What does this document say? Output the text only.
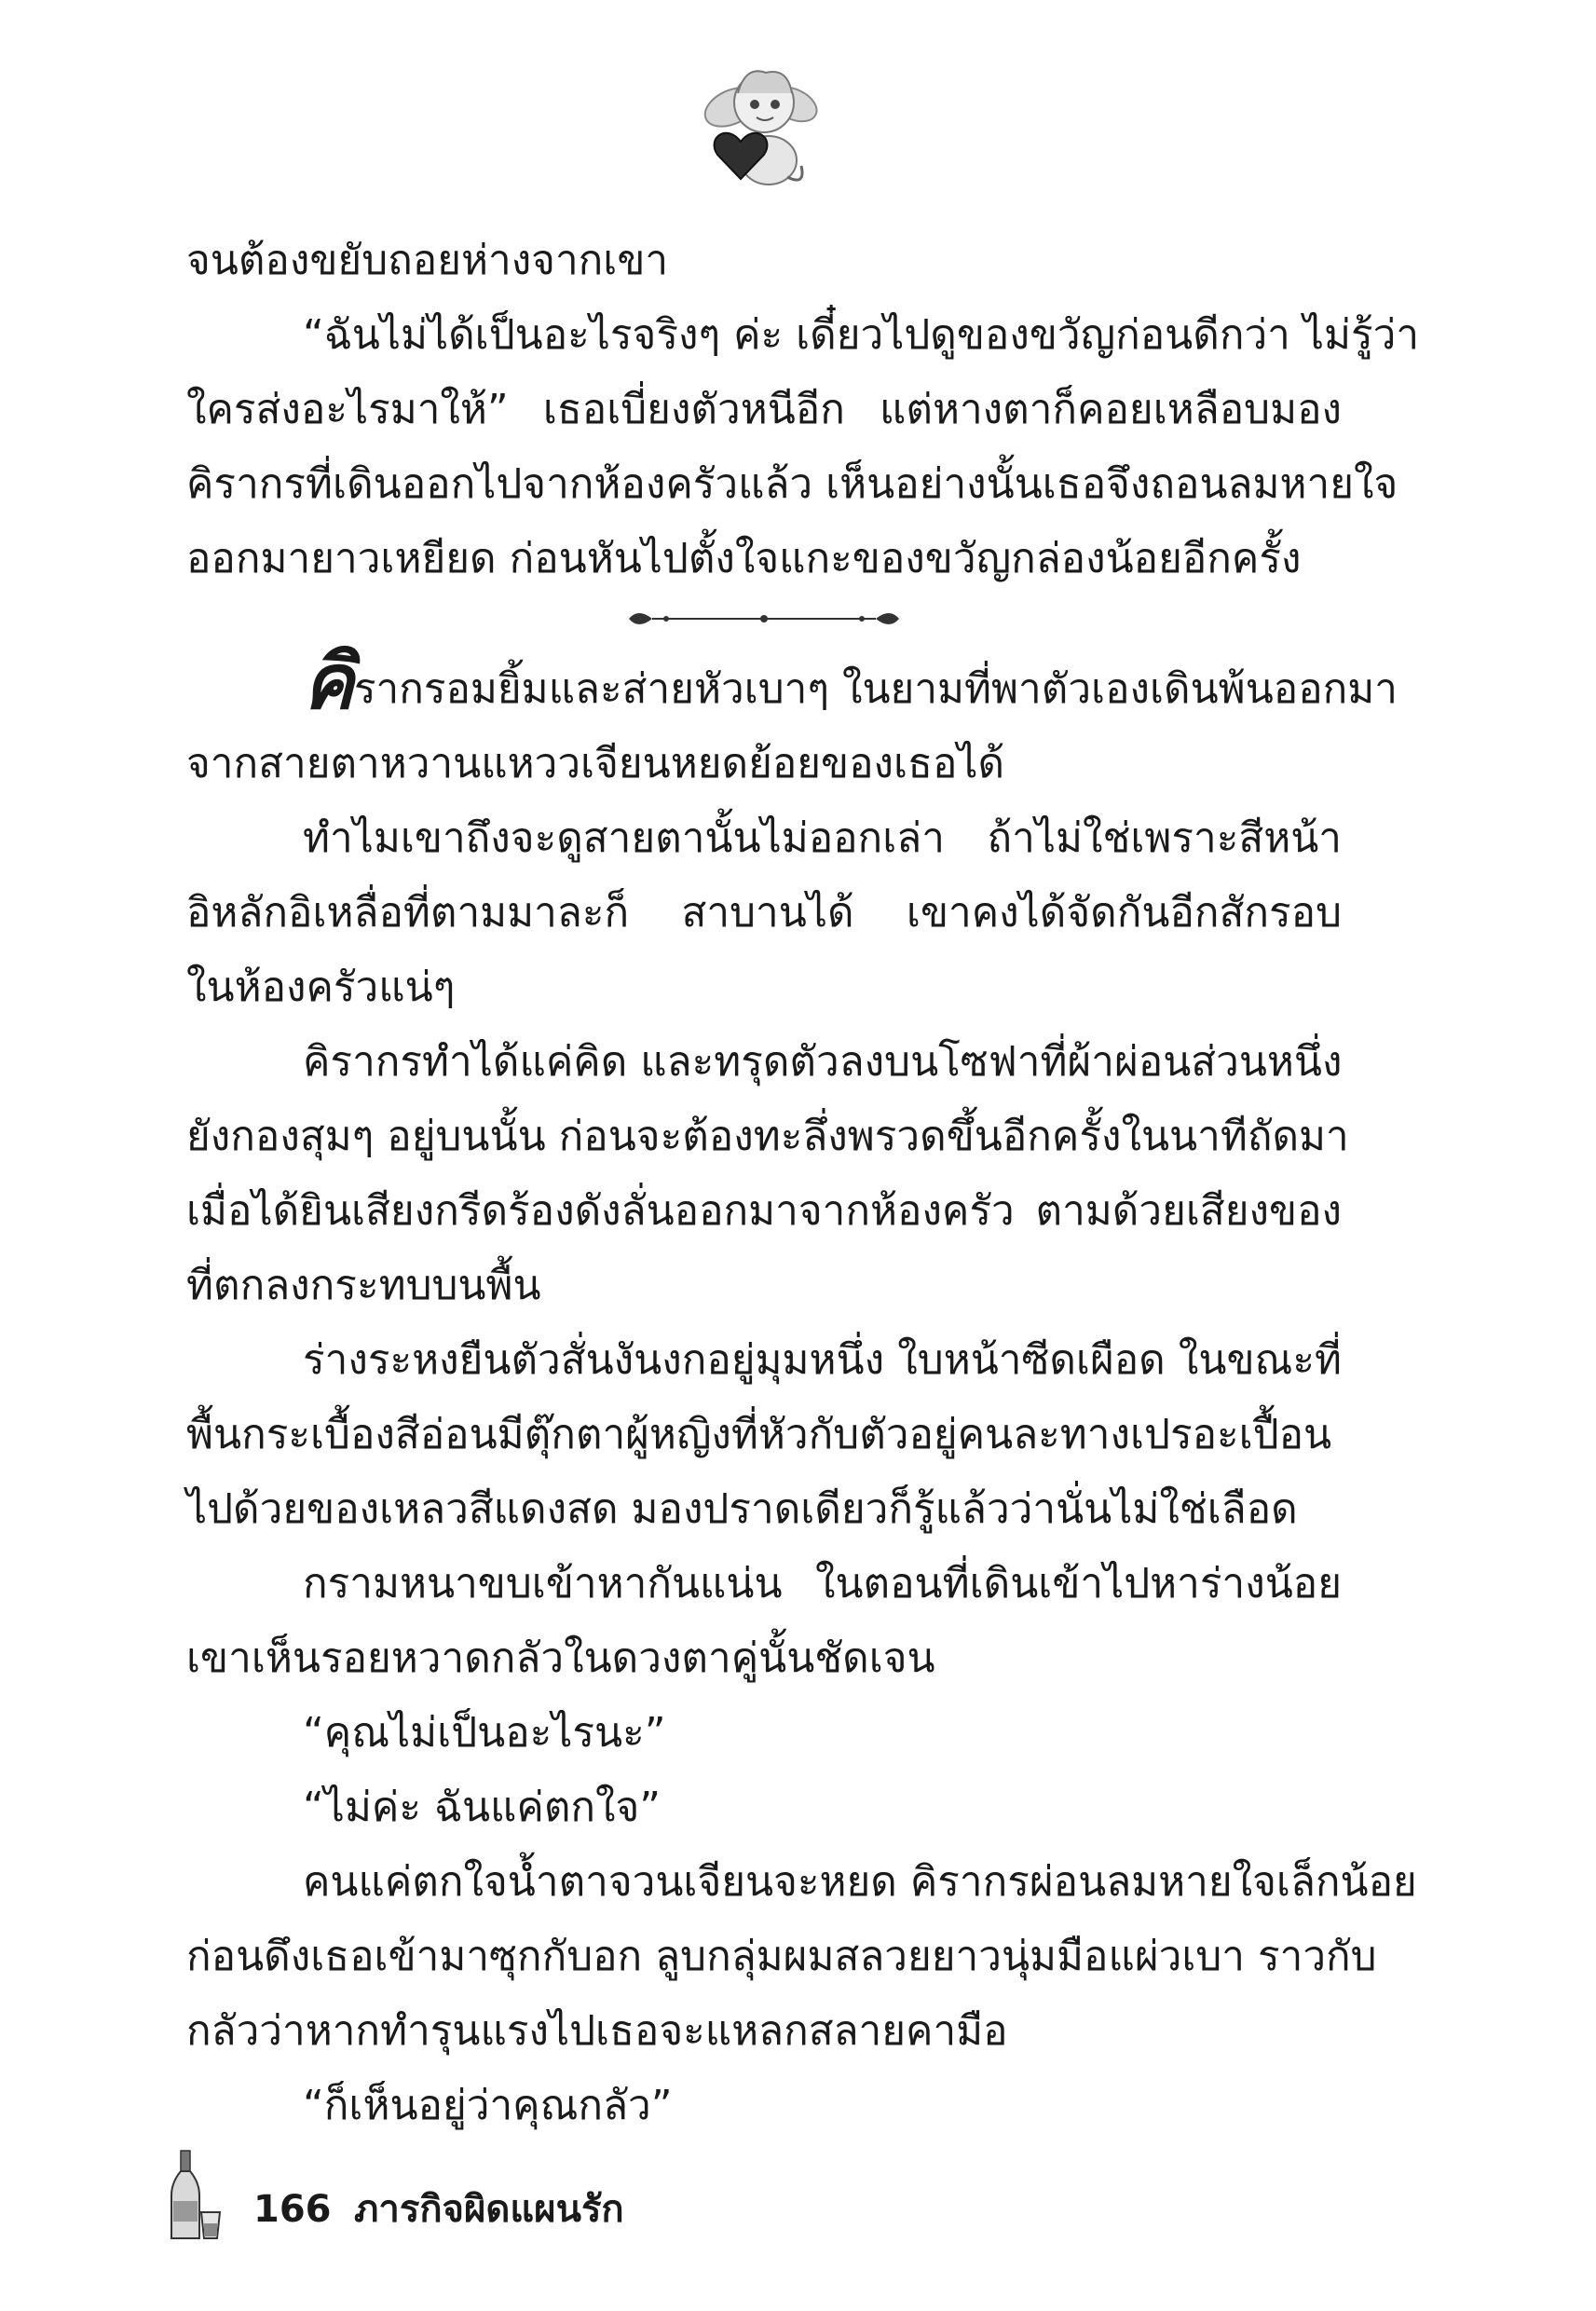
จนต้องขยับถอยห่างจากเขา
“ฉันไม่ได้เป็นอะไรจริงๆ ค่ะ เดี๋ยวไปดูของขวัญก่อนดีกว่า ไม่รู้ว่า
ใครส่งอะไรมาให้” เธอเบี่ยงตัวหนีอีก แต่หางตาก็คอยเหลือบมอง
คิรากรที่เดินออกไปจากห้องครัวแล้ว เห็นอย่างนั้นเธอจึงถอนลมหายใจ
ออกมายาวเหยียด ก่อนหันไปตั้งใจแกะของขวัญกล่องน้อยอีกครั้ง
คิรากรอมยิ้มและส่ายหัวเบาๆ ในยามที่พาตัวเองเดินพ้นออกมา
จากสายตาหวานแหววเจียนหยดย้อยของเธอได้
ทำไมเขาถึงจะดูสายตานั้นไม่ออกเล่า ถ้าไม่ใช่เพราะสีหน้า
อิหลักอิเหลื่อที่ตามมาละก็ สาบานได้ เขาคงได้จัดกันอีกสักรอบ
ในห้องครัวแน่ๆ
คิรากรทำได้แค่คิด และทรุดตัวลงบนโซฟาที่ผ้าผ่อนส่วนหนึ่ง
ยังกองสุมๆ อยู่บนนั้น ก่อนจะต้องทะลึ่งพรวดขึ้นอีกครั้งในนาทีถัดมา
เมื่อได้ยินเสียงกรีดร้องดังลั่นออกมาจากห้องครัว ตามด้วยเสียงของ
ที่ตกลงกระทบบนพื้น
ร่างระหงยืนตัวสั่นงันงกอยู่มุมหนึ่ง ใบหน้าซีดเผือด ในขณะที่
พื้นกระเบื้องสีอ่อนมีตุ๊กตาผู้หญิงที่หัวกับตัวอยู่คนละทางเปรอะเปื้อน
ไปด้วยของเหลวสีแดงสด มองปราดเดียวก็รู้แล้วว่านั่นไม่ใช่เลือด
กรามหนาขบเข้าหากันแน่น ในตอนที่เดินเข้าไปหาร่างน้อย
เขาเห็นรอยหวาดกลัวในดวงตาคู่นั้นชัดเจน
“คุณไม่เป็นอะไรนะ”
“ไม่ค่ะ ฉันแค่ตกใจ”
คนแค่ตกใจน้ำตาจวนเจียนจะหยด คิรากรผ่อนลมหายใจเล็กน้อย
ก่อนดึงเธอเข้ามาซุกกับอก ลูบกลุ่มผมสลวยยาวนุ่มมือแผ่วเบา ราวกับ
กลัวว่าหากทำรุนแรงไปเธอจะแหลกสลายคามือ
“ก็เห็นอยู่ว่าคุณกลัว”
166 ภารกิจผิดแผนรัก
